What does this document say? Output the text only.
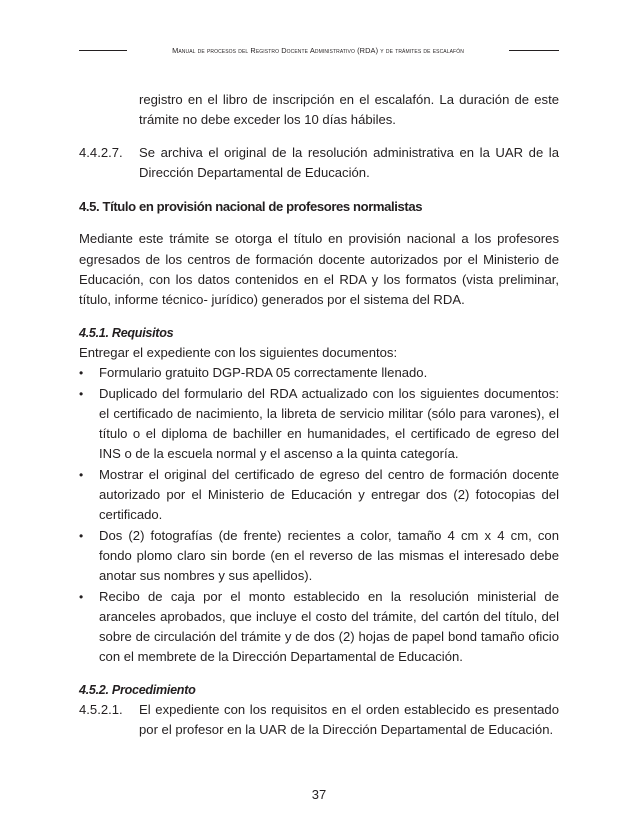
Manual de procesos del Registro Docente Administrativo (RDA) y de trámites de escalafón
registro en el libro de inscripción en el escalafón. La duración de este trámite no debe exceder los 10 días hábiles.
4.4.2.7.	Se archiva el original de la resolución administrativa en la UAR de la Dirección Departamental de Educación.
4.5. Título en provisión nacional de profesores normalistas
Mediante este trámite se otorga el título en provisión nacional a los profesores egresados de los centros de formación docente autorizados por el Ministerio de Educación, con los datos contenidos en el RDA y los formatos (vista preliminar, título, informe técnico- jurídico) generados por el sistema del RDA.
4.5.1. Requisitos
Entregar el expediente con los siguientes documentos:
•	Formulario gratuito DGP-RDA 05 correctamente llenado.
•	Duplicado del formulario del RDA actualizado con los siguientes documentos: el certificado de nacimiento, la libreta de servicio militar (sólo para varones), el título o el diploma de bachiller en humanidades, el certificado de egreso del INS o de la escuela normal y el ascenso a la quinta categoría.
•	Mostrar el original del certificado de egreso del centro de formación docente autorizado por el Ministerio de Educación y entregar dos (2) fotocopias del certificado.
•	Dos (2) fotografías (de frente) recientes a color, tamaño 4 cm x 4 cm, con fondo plomo claro sin borde (en el reverso de las mismas el interesado debe anotar sus nombres y sus apellidos).
•	Recibo de caja por el monto establecido en la resolución ministerial de aranceles aprobados, que incluye el costo del trámite, del cartón del título, del sobre de circulación del trámite y de dos (2) hojas de papel bond tamaño oficio con el membrete de la Dirección Departamental de Educación.
4.5.2. Procedimiento
4.5.2.1.	El expediente con los requisitos en el orden establecido es presentado por el profesor en la UAR de la Dirección Departamental de Educación.
37
